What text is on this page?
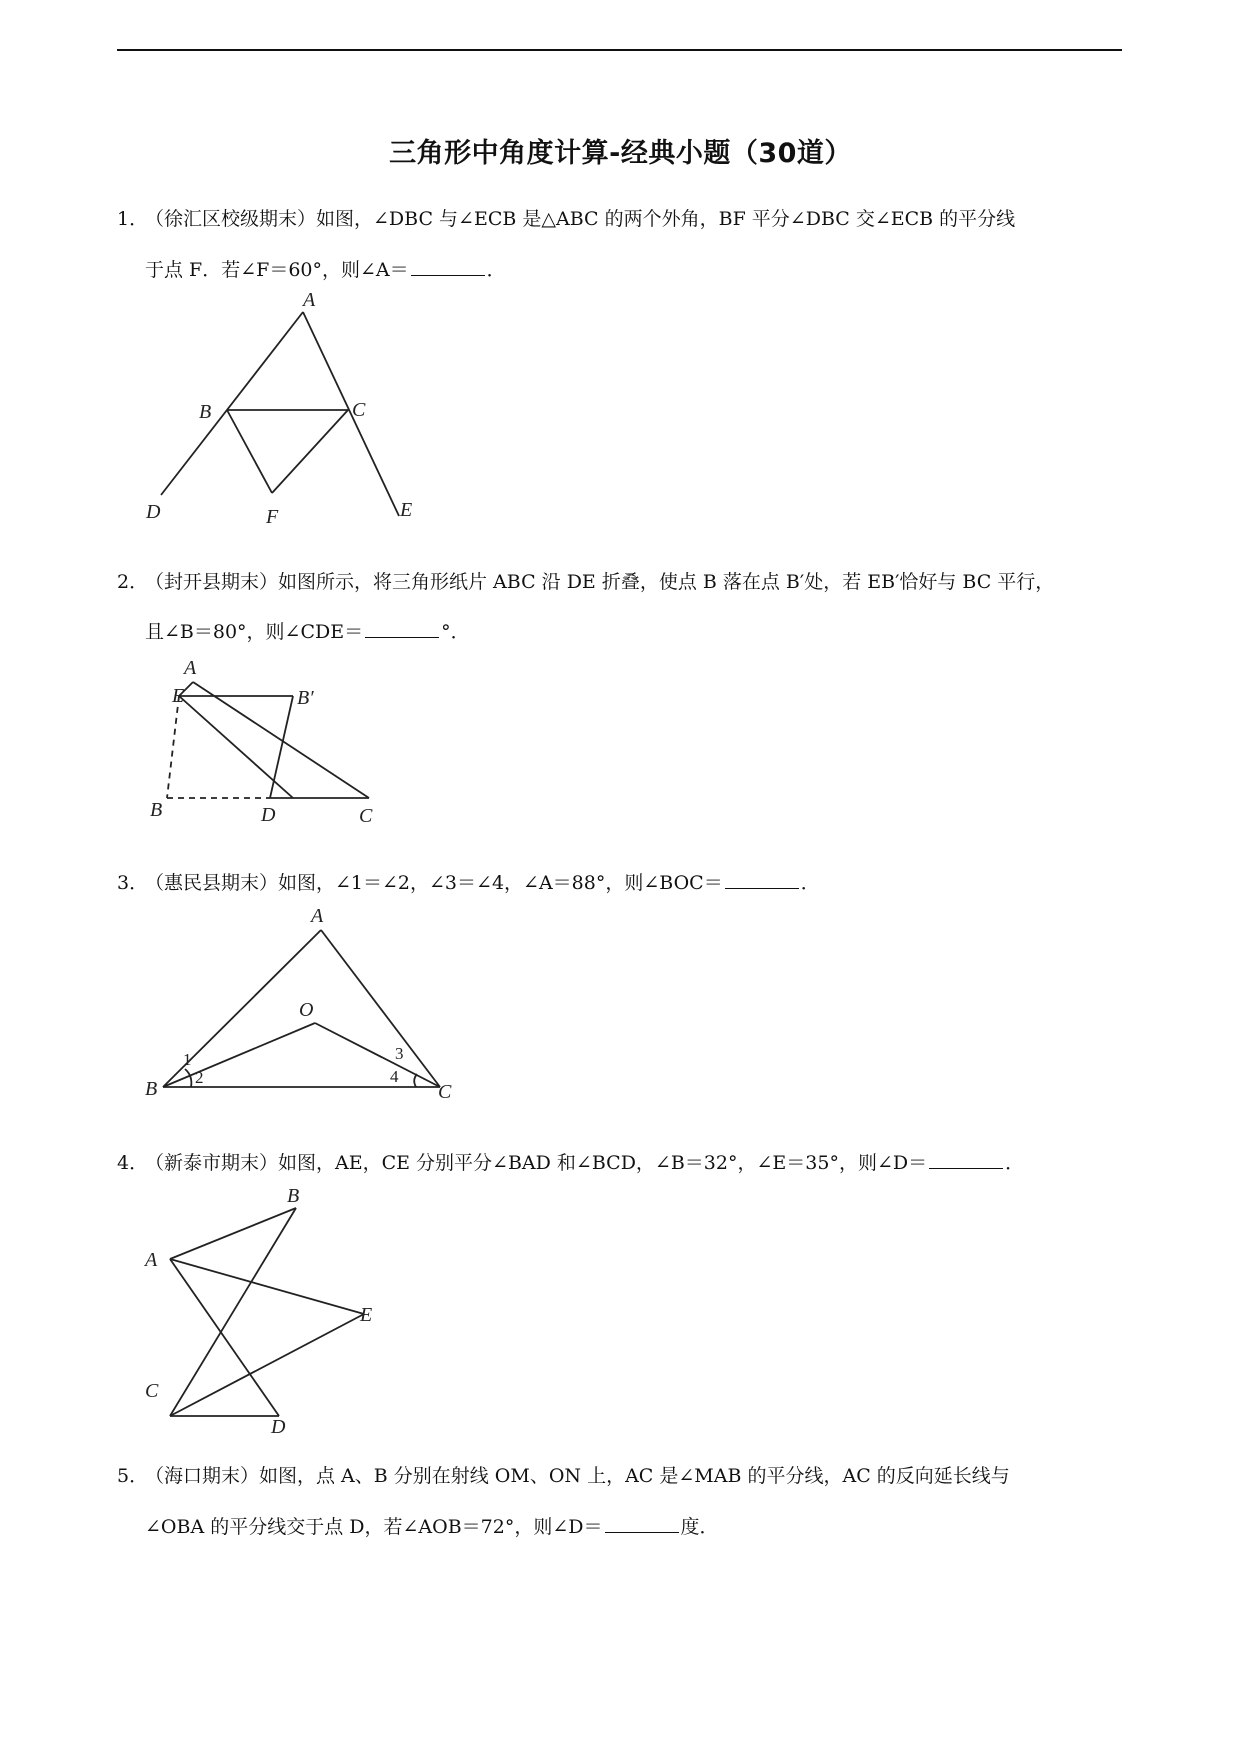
三角形中角度计算-经典小题（30道）
1．
（徐汇区校级期末）如图，∠DBC 与∠ECB 是△ABC 的两个外角，BF 平分∠DBC 交∠ECB 的平分线
于点 F．若∠F＝60°，则∠A＝	．
A
B	C
D	E
F
2．
（封开县期末）如图所示，将三角形纸片 ABC 沿 DE 折叠，使点 B 落在点 B′处，若 EB′恰好与 BC 平行，
且∠B＝80°，则∠CDE＝	°．
A
E	B′
B	D	C
3．
（惠民县期末）如图，∠1＝∠2，∠3＝∠4，∠A＝88°，则∠BOC＝	．
A
O
B	C
1
2
3
4
4．
（新泰市期末）如图，AE，CE 分别平分∠BAD 和∠BCD，∠B＝32°，∠E＝35°，则∠D＝	．
B
A
E
C
D
5．
（海口期末）如图，点 A、B 分别在射线 OM、ON 上，AC 是∠MAB 的平分线，AC 的反向延长线与
∠OBA 的平分线交于点 D，若∠AOB＝72°，则∠D＝	度．
